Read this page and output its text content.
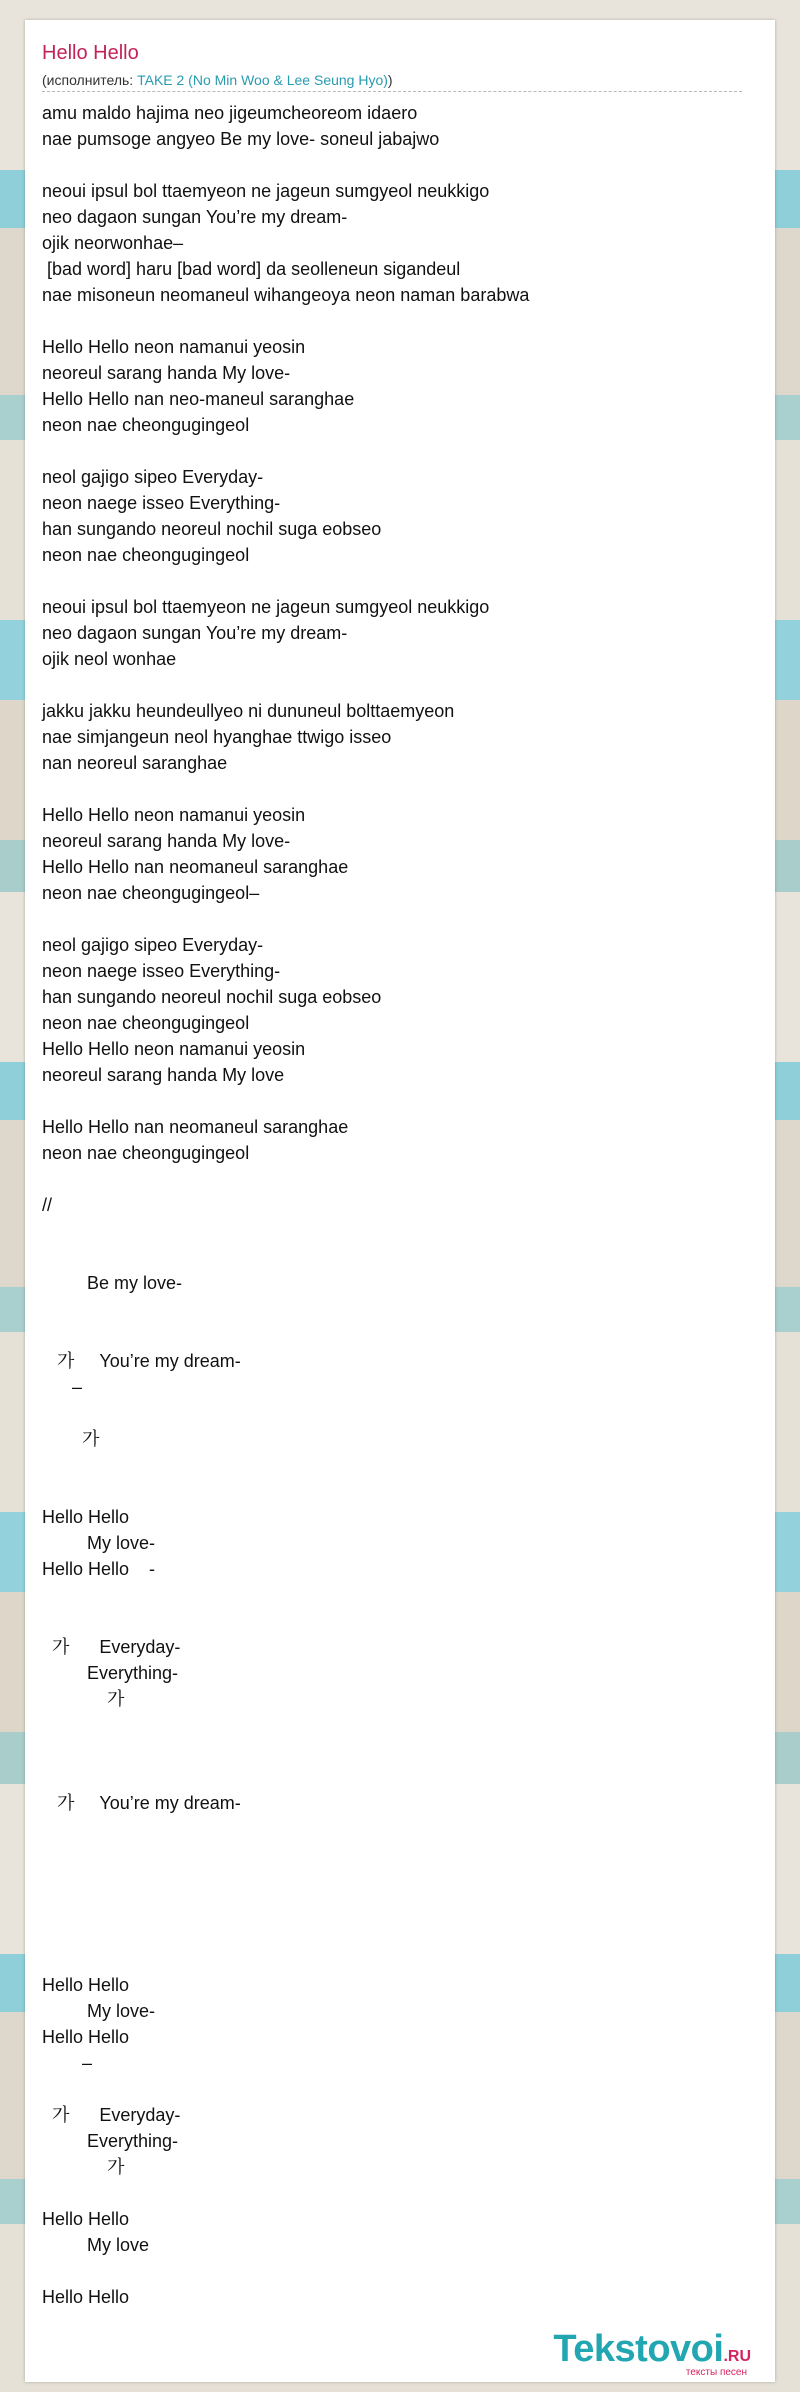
Hello Hello
(исполнитель: TAKE 2 (No Min Woo & Lee Seung Hyo))
amu maldo hajima neo jigeumcheoreom idaero
nae pumsoge angyeo Be my love- soneul jabajwo
neoui ipsul bol ttaemyeon ne jageun sumgyeol neukkigo
neo dagaon sungan You’re my dream-
ojik neorwonhae–
[bad word] haru [bad word] da seolleneun sigandeul
nae misoneun neomaneul wihangeoya neon naman barabwa
Hello Hello neon namanui yeosin
neoreul sarang handa My love-
Hello Hello nan neo-maneul saranghae
neon nae cheongugingeol
neol gajigo sipeo Everyday-
neon naege isseo Everything-
han sungando neoreul nochil suga eobseo
neon nae cheongugingeol
neoui ipsul bol ttaemyeon ne jageun sumgyeol neukkigo
neo dagaon sungan You’re my dream-
ojik neol wonhae
jakku jakku heundeullyeo ni dununeul bolttaemyeon
nae simjangeun neol hyanghae ttwigo isseo
nan neoreul saranghae
Hello Hello neon namanui yeosin
neoreul sarang handa My love-
Hello Hello nan neomaneul saranghae
neon nae cheongugingeol–
neol gajigo sipeo Everyday-
neon naege isseo Everything-
han sungando neoreul nochil suga eobseo
neon nae cheongugingeol
Hello Hello neon namanui yeosin
neoreul sarang handa My love
Hello Hello nan neomaneul saranghae
neon nae cheongugingeol
//
Be my love-
가     You’re my dream-
–
가
Hello Hello
My love-
Hello Hello    -
가      Everyday-
Everything-
가
가     You’re my dream-
Hello Hello
My love-
Hello Hello
–
가      Everyday-
Everything-
가
Hello Hello
My love
Hello Hello
Tekstovoi.RU
тексты песен
